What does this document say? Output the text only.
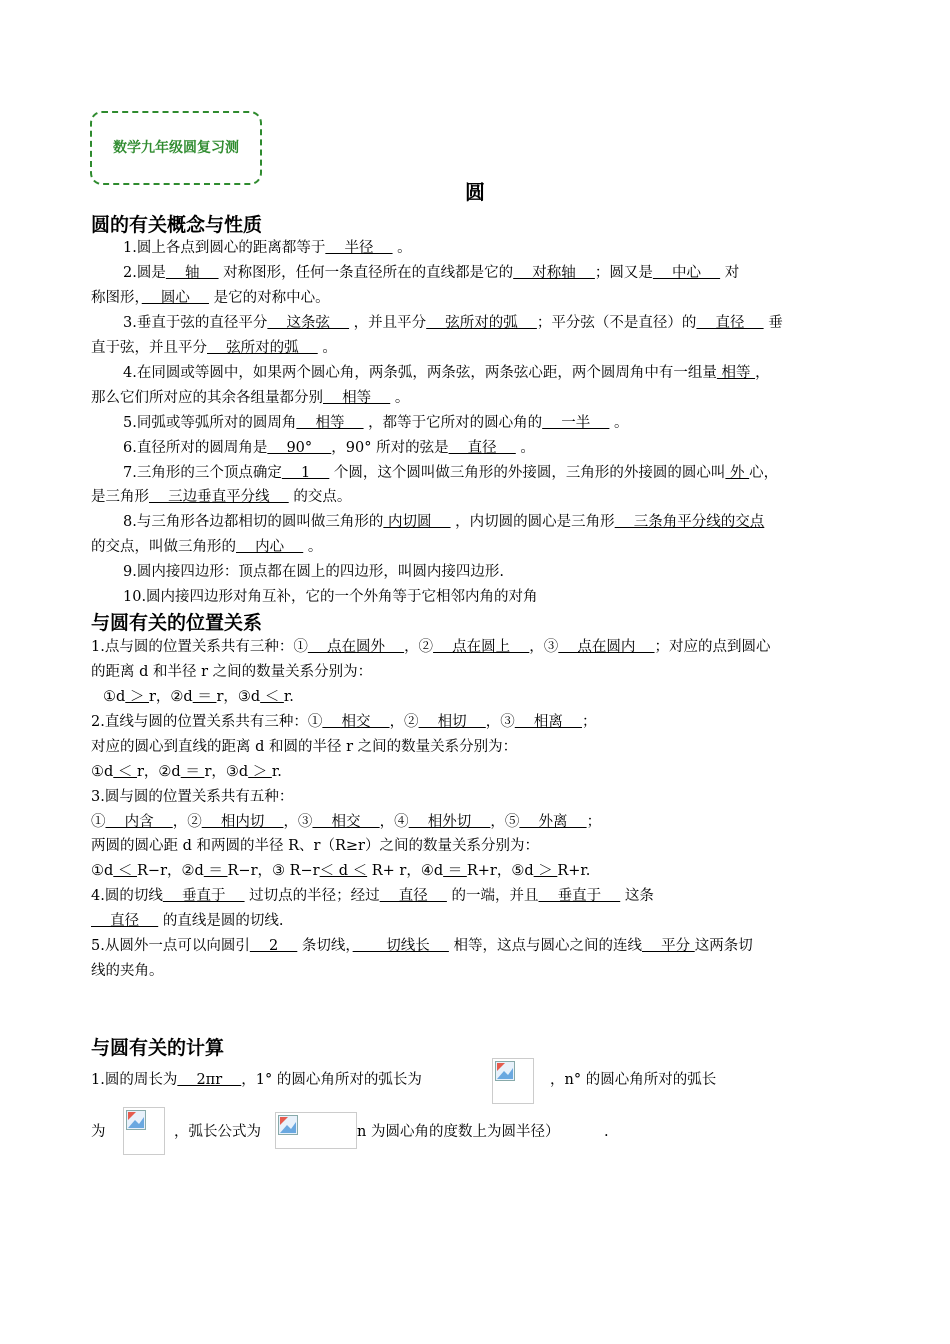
数学九年级圆复习测
圆
圆的有关概念与性质
1.圆上各点到圆心的距离都等于　 半径 　 。
2.圆是　 轴 　 对称图形，任何一条直径所在的直线都是它的　 对称轴 　；圆又是　 中心 　 对
称图形，　 圆心 　 是它的对称中心。
3.垂直于弦的直径平分　 这条弦 　 ，并且平分　 弦所对的弧 　；平分弦（不是直径）的　 直径 　 垂
直于弦，并且平分　 弦所对的弧 　 。
4.在同圆或等圆中，如果两个圆心角，两条弧，两条弦，两条弦心距，两个圆周角中有一组量 相等 ，
那么它们所对应的其余各组量都分别　 相等 　 。
5.同弧或等弧所对的圆周角　 相等 　 ，都等于它所对的圆心角的　 一半 　 。
6.直径所对的圆周角是　 90° 　，90° 所对的弦是　 直径 　 。
7.三角形的三个顶点确定　 1 　 个圆，这个圆叫做三角形的外接圆，三角形的外接圆的圆心叫 外 心，
是三角形　 三边垂直平分线 　 的交点。
8.与三角形各边都相切的圆叫做三角形的 内切圆 　 ，内切圆的圆心是三角形　 三条角平分线的交点
的交点，叫做三角形的　 内心 　 。
9.圆内接四边形：顶点都在圆上的四边形，叫圆内接四边形.
10.圆内接四边形对角互补，它的一个外角等于它相邻内角的对角
与圆有关的位置关系
1.点与圆的位置关系共有三种：①　 点在圆外 　，②　 点在圆上 　，③　 点在圆内 　；对应的点到圆心
的距离 d 和半径 r 之间的数量关系分别为：
①d ＞ r，②d ＝ r，③d ＜ r.
2.直线与圆的位置关系共有三种：①　 相交 　，②　 相切 　，③　 相离 　；
对应的圆心到直线的距离 d 和圆的半径 r 之间的数量关系分别为：
①d ＜ r，②d ＝ r，③d ＞ r.
3.圆与圆的位置关系共有五种：
①　 内含 　，②　 相内切 　，③　 相交 　，④　 相外切 　，⑤　 外离 　；
两圆的圆心距 d 和两圆的半径 R、r（R≥r）之间的数量关系分别为：
①d ＜ R−r，②d ＝ R−r，③ R−r＜ d ＜ R+ r，④d ＝ R+r，⑤d ＞ R+r.
4.圆的切线　 垂直于 　 过切点的半径；经过　 直径 　 的一端，并且　 垂直于 　 这条
　 直径 　 的直线是圆的切线.
5.从圆外一点可以向圆引　 2 　 条切线，　　 切线长 　 相等，这点与圆心之间的连线　 平分 这两条切
线的夹角。
与圆有关的计算
1.圆的周长为　 2πr 　，1° 的圆心角所对的弧长为	，n° 的圆心角所对的弧长
为	，弧长公式为	n 为圆心角的度数上为圆半径）	.
